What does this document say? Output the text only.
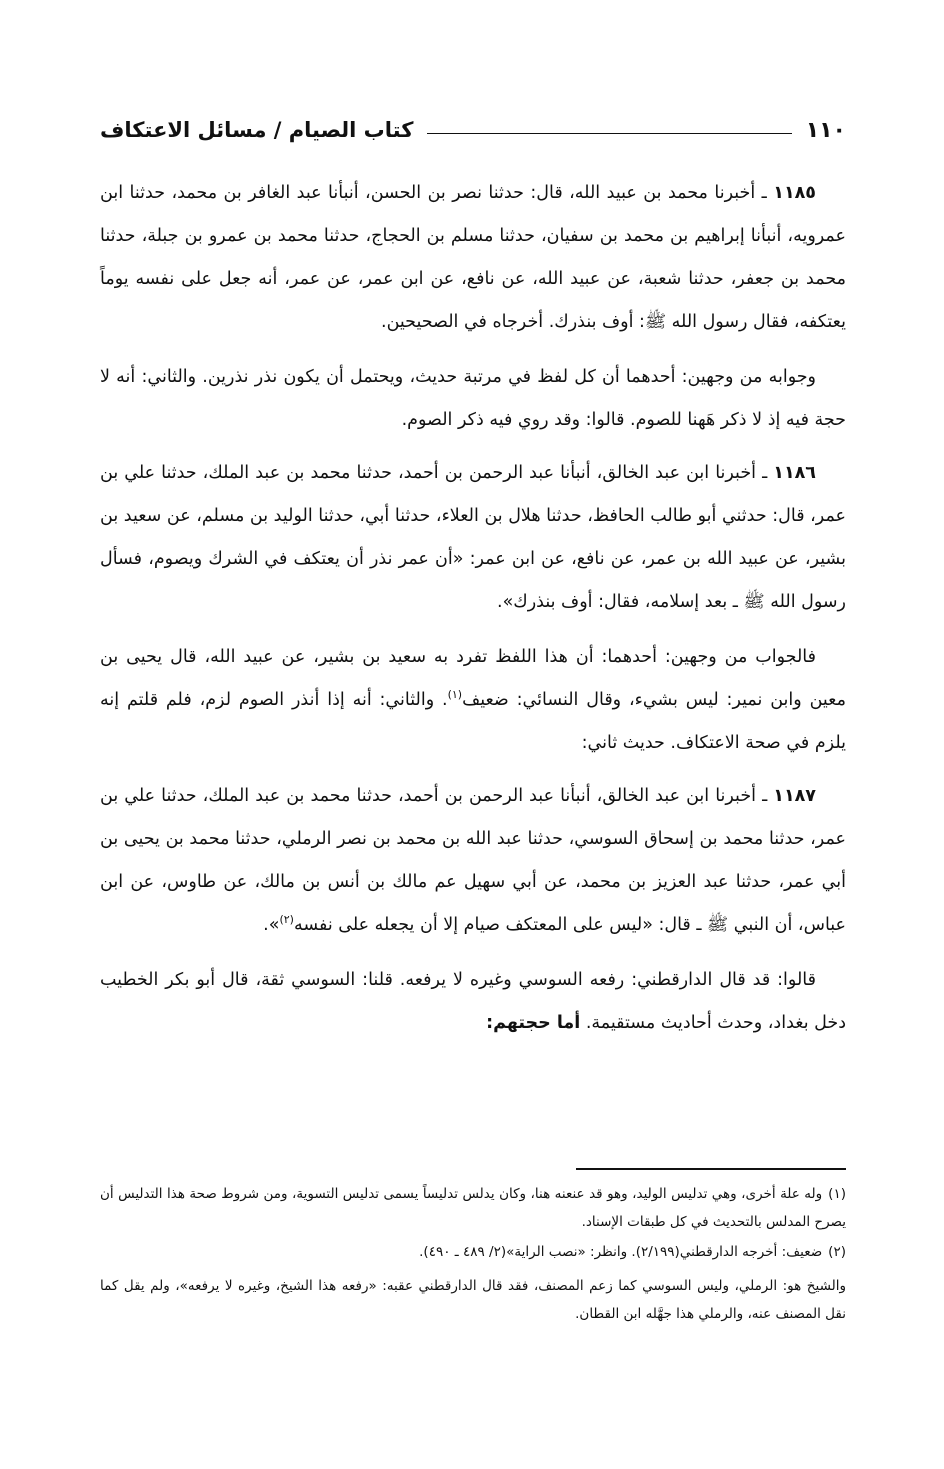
١١٠
كتاب الصيام / مسائل الاعتكاف

١١٨٥ ـ أخبرنا محمد بن عبيد الله، قال: حدثنا نصر بن الحسن، أنبأنا عبد الغافر بن محمد، حدثنا ابن عمرويه، أنبأنا إبراهيم بن محمد بن سفيان، حدثنا مسلم بن الحجاج، حدثنا محمد بن عمرو بن جبلة، حدثنا محمد بن جعفر، حدثنا شعبة، عن عبيد الله، عن نافع، عن ابن عمر، عن عمر، أنه جعل على نفسه يوماً يعتكفه، فقال رسول الله ﷺ: أوف بنذرك. أخرجاه في الصحيحين.

وجوابه من وجهين: أحدهما أن كل لفظ في مرتبة حديث، ويحتمل أن يكون نذر نذرين. والثاني: أنه لا حجة فيه إذ لا ذكر هَهنا للصوم. قالوا: وقد روي فيه ذكر الصوم.

١١٨٦ ـ أخبرنا ابن عبد الخالق، أنبأنا عبد الرحمن بن أحمد، حدثنا محمد بن عبد الملك، حدثنا علي بن عمر، قال: حدثني أبو طالب الحافظ، حدثنا هلال بن العلاء، حدثنا أبي، حدثنا الوليد بن مسلم، عن سعيد بن بشير، عن عبيد الله بن عمر، عن نافع، عن ابن عمر: «أن عمر نذر أن يعتكف في الشرك ويصوم، فسأل رسول الله ﷺ ـ بعد إسلامه، فقال: أوف بنذرك».

فالجواب من وجهين: أحدهما: أن هذا اللفظ تفرد به سعيد بن بشير، عن عبيد الله، قال يحيى بن معين وابن نمير: ليس بشيء، وقال النسائي: ضعيف$^{(١)}$. والثاني: أنه إذا أنذر الصوم لزم، فلم قلتم إنه يلزم في صحة الاعتكاف. حديث ثاني:

١١٨٧ ـ أخبرنا ابن عبد الخالق، أنبأنا عبد الرحمن بن أحمد، حدثنا محمد بن عبد الملك، حدثنا علي بن عمر، حدثنا محمد بن إسحاق السوسي، حدثنا عبد الله بن محمد بن نصر الرملي، حدثنا محمد بن يحيى بن أبي عمر، حدثنا عبد العزيز بن محمد، عن أبي سهيل عم مالك بن أنس بن مالك، عن طاوس، عن ابن عباس، أن النبي ﷺ ـ قال: «ليس على المعتكف صيام إلا أن يجعله على نفسه$^{(٢)}$».

قالوا: قد قال الدارقطني: رفعه السوسي وغيره لا يرفعه. قلنا: السوسي ثقة، قال أبو بكر الخطيب دخل بغداد، وحدث أحاديث مستقيمة. أما حجتهم:

(١)وله علة أخرى، وهي تدليس الوليد، وهو قد عنعنه هنا، وكان يدلس تدليساً يسمى تدليس التسوية، ومن شروط صحة هذا التدليس أن يصرح المدلس بالتحديث في كل طبقات الإسناد.

(٢)ضعيف: أخرجه الدارقطني(٢/١٩٩). وانظر: «نصب الراية»(٢/ ٤٨٩ ـ ٤٩٠).

والشيخ هو: الرملي، وليس السوسي كما زعم المصنف، فقد قال الدارقطني عقبه: «رفعه هذا الشيخ، وغيره لا يرفعه»، ولم يقل كما نقل المصنف عنه، والرملي هذا جهَّله ابن القطان.
